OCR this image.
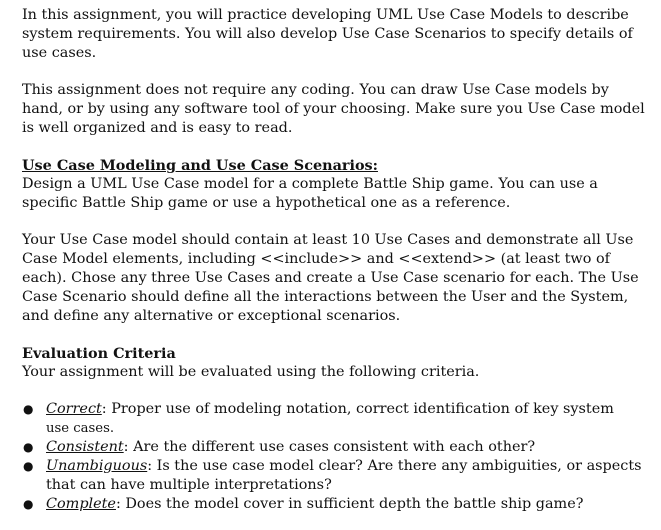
In this assignment, you will practice developing UML Use Case Models to describe system requirements. You will also develop Use Case Scenarios to specify details of use cases.

This assignment does not require any coding. You can draw Use Case models by hand, or by using any software tool of your choosing. Make sure you Use Case model is well organized and is easy to read.

Use Case Modeling and Use Case Scenarios:

Design a UML Use Case model for a complete Battle Ship game. You can use a specific Battle Ship game or use a hypothetical one as a reference.

Your Use Case model should contain at least 10 Use Cases and demonstrate all Use Case Model elements, including <<include>> and <<extend>> (at least two of each). Chose any three Use Cases and create a Use Case scenario for each. The Use Case Scenario should define all the interactions between the User and the System, and define any alternative or exceptional scenarios.

Evaluation Criteria

Your assignment will be evaluated using the following criteria.

● Correct: Proper use of modeling notation, correct identification of key system
use cases.
● Consistent: Are the different use cases consistent with each other?
● Unambiguous: Is the use case model clear? Are there any ambiguities, or aspects
that can have multiple interpretations?
● Complete: Does the model cover in sufficient depth the battle ship game?
